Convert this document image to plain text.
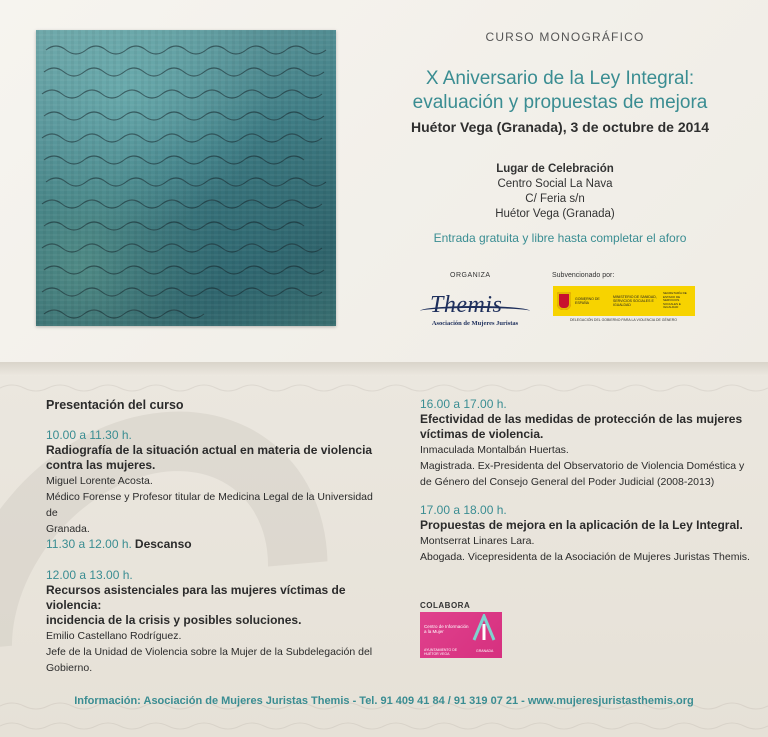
CURSO MONOGRÁFICO
X Aniversario de la Ley Integral:
evaluación y propuestas de mejora
Huétor Vega (Granada), 3 de octubre de 2014
Lugar de Celebración
Centro Social La Nava
C/ Feria s/n
Huétor Vega (Granada)
Entrada gratuita y libre hasta completar el aforo
ORGANIZA	Subvencionado por:
Themis
Asociación de Mujeres Juristas
GOBIERNO DE ESPAÑA
MINISTERIO DE SANIDAD, SERVICIOS SOCIALES E IGUALDAD
SECRETARÍA DE ESTADO DE SERVICIOS SOCIALES E IGUALDAD
DELEGACIÓN DEL GOBIERNO PARA LA VIOLENCIA DE GÉNERO
Presentación del curso
10.00 a 11.30 h.
Radiografía de la situación actual en materia de violencia
contra las mujeres.
Miguel Lorente Acosta.
Médico Forense y Profesor titular de Medicina Legal de la Universidad de
Granada.
11.30 a 12.00 h. Descanso
12.00 a 13.00 h.
Recursos asistenciales para las mujeres víctimas de violencia:
incidencia de la crisis y posibles soluciones.
Emilio Castellano Rodríguez.
Jefe de la Unidad de Violencia sobre la Mujer de la Subdelegación del
Gobierno.
16.00 a 17.00 h.
Efectividad de las medidas de protección de las mujeres
víctimas de violencia.
Inmaculada Montalbán Huertas.
Magistrada. Ex-Presidenta del Observatorio de Violencia Doméstica y
de Género del Consejo General del Poder Judicial (2008-2013)
17.00 a 18.00 h.
Propuestas de mejora en la aplicación de la Ley Integral.
Montserrat Linares Lara.
Abogada. Vicepresidenta de la Asociación de Mujeres Juristas Themis.
COLABORA
Centro de Información a la Mujer
AYUNTAMIENTO DE HUÉTOR VEGA
GRANADA
Información: Asociación de Mujeres Juristas Themis - Tel. 91 409 41 84 / 91 319 07 21 - www.mujeresjuristasthemis.org
